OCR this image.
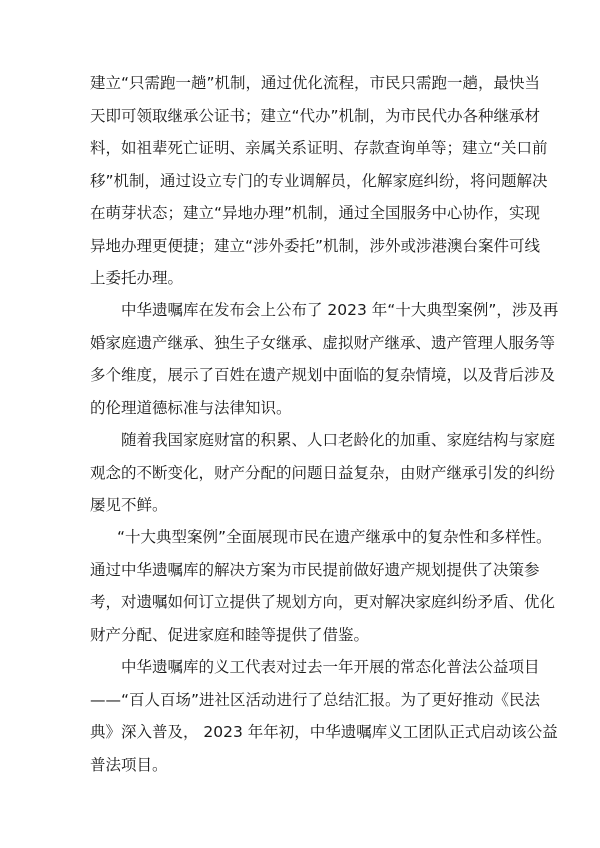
建立“只需跑一趟”机制，通过优化流程，市民只需跑一趟，最快当
天即可领取继承公证书；建立“代办”机制，为市民代办各种继承材
料，如祖辈死亡证明、亲属关系证明、存款查询单等；建立“关口前
移”机制，通过设立专门的专业调解员，化解家庭纠纷，将问题解决
在萌芽状态；建立“异地办理”机制，通过全国服务中心协作，实现
异地办理更便捷；建立“涉外委托”机制，涉外或涉港澳台案件可线
上委托办理。
中华遗嘱库在发布会上公布了 2023 年“十大典型案例”，涉及再
婚家庭遗产继承、独生子女继承、虚拟财产继承、遗产管理人服务等
多个维度，展示了百姓在遗产规划中面临的复杂情境，以及背后涉及
的伦理道德标准与法律知识。
随着我国家庭财富的积累、人口老龄化的加重、家庭结构与家庭
观念的不断变化，财产分配的问题日益复杂，由财产继承引发的纠纷
屡见不鲜。
“十大典型案例”全面展现市民在遗产继承中的复杂性和多样性。
通过中华遗嘱库的解决方案为市民提前做好遗产规划提供了决策参
考，对遗嘱如何订立提供了规划方向，更对解决家庭纠纷矛盾、优化
财产分配、促进家庭和睦等提供了借鉴。
中华遗嘱库的义工代表对过去一年开展的常态化普法公益项目
——“百人百场”进社区活动进行了总结汇报。为了更好推动《民法
典》深入普及， 2023 年年初，中华遗嘱库义工团队正式启动该公益
普法项目。
